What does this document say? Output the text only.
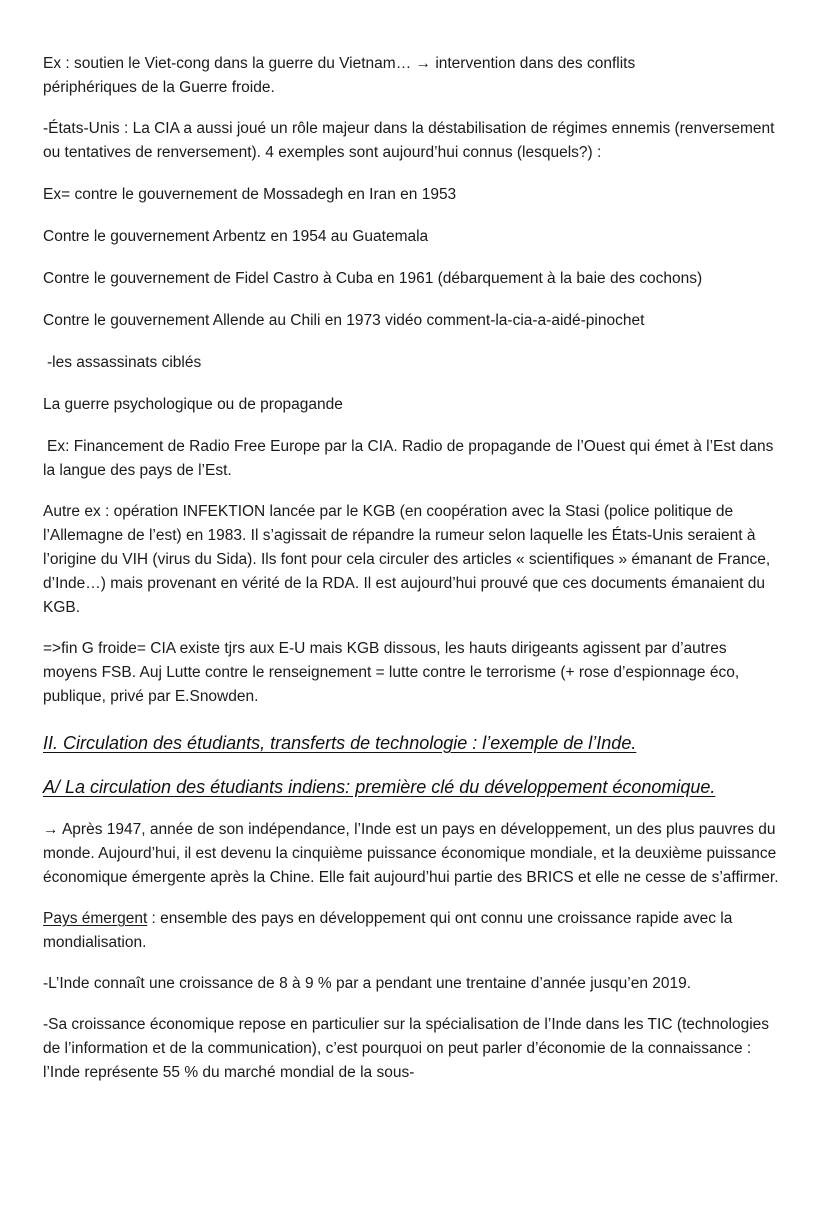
Ex : soutien le Viet-cong dans la guerre du Vietnam… → intervention dans des conflits périphériques de la Guerre froide.

-États-Unis : La CIA a aussi joué un rôle majeur dans la déstabilisation de régimes ennemis (renversement ou tentatives de renversement). 4 exemples sont aujourd’hui connus (lesquels?) :

Ex= contre le gouvernement de Mossadegh en Iran en 1953

Contre le gouvernement Arbentz en 1954 au Guatemala

Contre le gouvernement de Fidel Castro à Cuba en 1961 (débarquement à la baie des cochons)

Contre le gouvernement Allende au Chili en 1973 vidéo comment-la-cia-a-aidé-pinochet

-les assassinats ciblés

La guerre psychologique ou de propagande

Ex: Financement de Radio Free Europe par la CIA. Radio de propagande de l’Ouest qui émet à l’Est dans la langue des pays de l’Est.

Autre ex : opération INFEKTION lancée par le KGB (en coopération avec la Stasi (police politique de l’Allemagne de l’est) en 1983. Il s’agissait de répandre la rumeur selon laquelle les États-Unis seraient à l’origine du VIH (virus du Sida). Ils font pour cela circuler des articles « scientifiques » émanant de France, d’Inde…) mais provenant en vérité de la RDA. Il est aujourd’hui prouvé que ces documents émanaient du KGB.

=>fin G froide= CIA existe tjrs aux E-U mais KGB dissous, les hauts dirigeants agissent par d’autres moyens FSB. Auj Lutte contre le renseignement = lutte contre le terrorisme (+ rose d’espionnage éco, publique, privé par E.Snowden.

II. Circulation des étudiants, transferts de technologie : l’exemple de l’Inde.
A/ La circulation des étudiants indiens: première clé du développement économique.

→ Après 1947, année de son indépendance, l’Inde est un pays en développement, un des plus pauvres du monde. Aujourd’hui, il est devenu la cinquième puissance économique mondiale, et la deuxième puissance économique émergente après la Chine. Elle fait aujourd’hui partie des BRICS et elle ne cesse de s’affirmer.

Pays émergent : ensemble des pays en développement qui ont connu une croissance rapide avec la mondialisation.

-L’Inde connaît une croissance de 8 à 9 % par a pendant une trentaine d’année jusqu’en 2019.

-Sa croissance économique repose en particulier sur la spécialisation de l’Inde dans les TIC (technologies de l’information et de la communication), c’est pourquoi on peut parler d’économie de la connaissance : l’Inde représente 55 % du marché mondial de la sous-
